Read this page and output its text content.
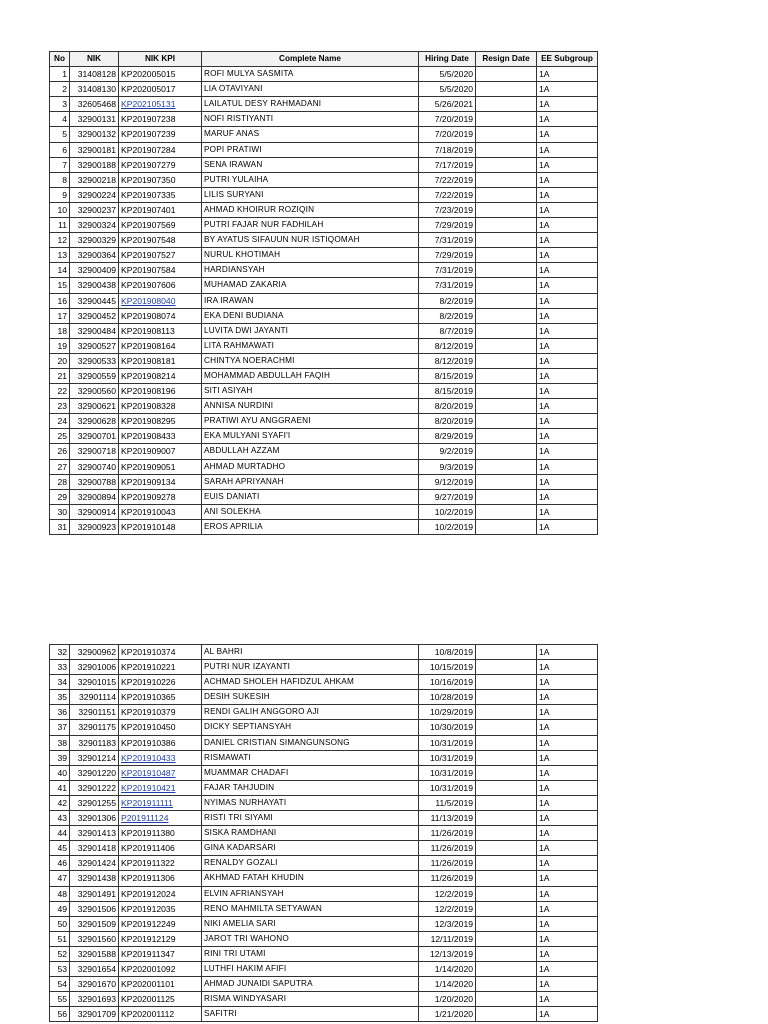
No	NIK	NIK KPI	Complete Name	Hiring Date	Resign Date	EE Subgroup
1	31408128	KP202005015	ROFI MULYA SASMITA	5/5/2020		1A
2	31408130	KP202005017	LIA OTAVIYANI	5/5/2020		1A
3	32605468	KP202105131	LAILATUL DESY RAHMADANI	5/26/2021		1A
4	32900131	KP201907238	NOFI RISTIYANTI	7/20/2019		1A
5	32900132	KP201907239	MARUF ANAS	7/20/2019		1A
6	32900181	KP201907284	POPI PRATIWI	7/18/2019		1A
7	32900188	KP201907279	SENA IRAWAN	7/17/2019		1A
8	32900218	KP201907350	PUTRI YULAIHA	7/22/2019		1A
9	32900224	KP201907335	LILIS SURYANI	7/22/2019		1A
10	32900237	KP201907401	AHMAD KHOIRUR ROZIQIN	7/23/2019		1A
11	32900324	KP201907569	PUTRI FAJAR NUR FADHILAH	7/29/2019		1A
12	32900329	KP201907548	BY AYATUS SIFAUUN NUR ISTIQOMAH	7/31/2019		1A
13	32900364	KP201907527	NURUL KHOTIMAH	7/29/2019		1A
14	32900409	KP201907584	HARDIANSYAH	7/31/2019		1A
15	32900438	KP201907606	MUHAMAD ZAKARIA	7/31/2019		1A
16	32900445	KP201908040	IRA IRAWAN	8/2/2019		1A
17	32900452	KP201908074	EKA DENI BUDIANA	8/2/2019		1A
18	32900484	KP201908113	LUVITA DWI JAYANTI	8/7/2019		1A
19	32900527	KP201908164	LITA RAHMAWATI	8/12/2019		1A
20	32900533	KP201908181	CHINTYA NOERACHMI	8/12/2019		1A
21	32900559	KP201908214	MOHAMMAD ABDULLAH FAQIH	8/15/2019		1A
22	32900560	KP201908196	SITI ASIYAH	8/15/2019		1A
23	32900621	KP201908328	ANNISA NURDINI	8/20/2019		1A
24	32900628	KP201908295	PRATIWI AYU ANGGRAENI	8/20/2019		1A
25	32900701	KP201908433	EKA MULYANI SYAFI'I	8/29/2019		1A
26	32900718	KP201909007	ABDULLAH AZZAM	9/2/2019		1A
27	32900740	KP201909051	AHMAD MURTADHO	9/3/2019		1A
28	32900788	KP201909134	SARAH APRIYANAH	9/12/2019		1A
29	32900894	KP201909278	EUIS DANIATI	9/27/2019		1A
30	32900914	KP201910043	ANI SOLEKHA	10/2/2019		1A
31	32900923	KP201910148	EROS APRILIA	10/2/2019		1A
32	32900962	KP201910374	AL BAHRI	10/8/2019		1A
33	32901006	KP201910221	PUTRI NUR IZAYANTI	10/15/2019		1A
34	32901015	KP201910226	ACHMAD SHOLEH HAFIDZUL AHKAM	10/16/2019		1A
35	32901114	KP201910365	DESIH SUKESIH	10/28/2019		1A
36	32901151	KP201910379	RENDI GALIH ANGGORO AJI	10/29/2019		1A
37	32901175	KP201910450	DICKY SEPTIANSYAH	10/30/2019		1A
38	32901183	KP201910386	DANIEL CRISTIAN SIMANGUNSONG	10/31/2019		1A
39	32901214	KP201910433	RISMAWATI	10/31/2019		1A
40	32901220	KP201910487	MUAMMAR CHADAFI	10/31/2019		1A
41	32901222	KP201910421	FAJAR TAHJUDIN	10/31/2019		1A
42	32901255	KP201911111	NYIMAS NURHAYATI	11/5/2019		1A
43	32901306	P201911124	RISTI TRI SIYAMI	11/13/2019		1A
44	32901413	KP201911380	SISKA RAMDHANI	11/26/2019		1A
45	32901418	KP201911406	GINA KADARSARI	11/26/2019		1A
46	32901424	KP201911322	RENALDY GOZALI	11/26/2019		1A
47	32901438	KP201911306	AKHMAD FATAH KHUDIN	11/26/2019		1A
48	32901491	KP201912024	ELVIN AFRIANSYAH	12/2/2019		1A
49	32901506	KP201912035	RENO MAHMILTA SETYAWAN	12/2/2019		1A
50	32901509	KP201912249	NIKI AMELIA SARI	12/3/2019		1A
51	32901560	KP201912129	JAROT TRI WAHONO	12/11/2019		1A
52	32901588	KP201911347	RINI TRI UTAMI	12/13/2019		1A
53	32901654	KP202001092	LUTHFI HAKIM AFIFI	1/14/2020		1A
54	32901670	KP202001101	AHMAD JUNAIDI SAPUTRA	1/14/2020		1A
55	32901693	KP202001125	RISMA WINDYASARI	1/20/2020		1A
56	32901709	KP202001112	SAFITRI	1/21/2020		1A
